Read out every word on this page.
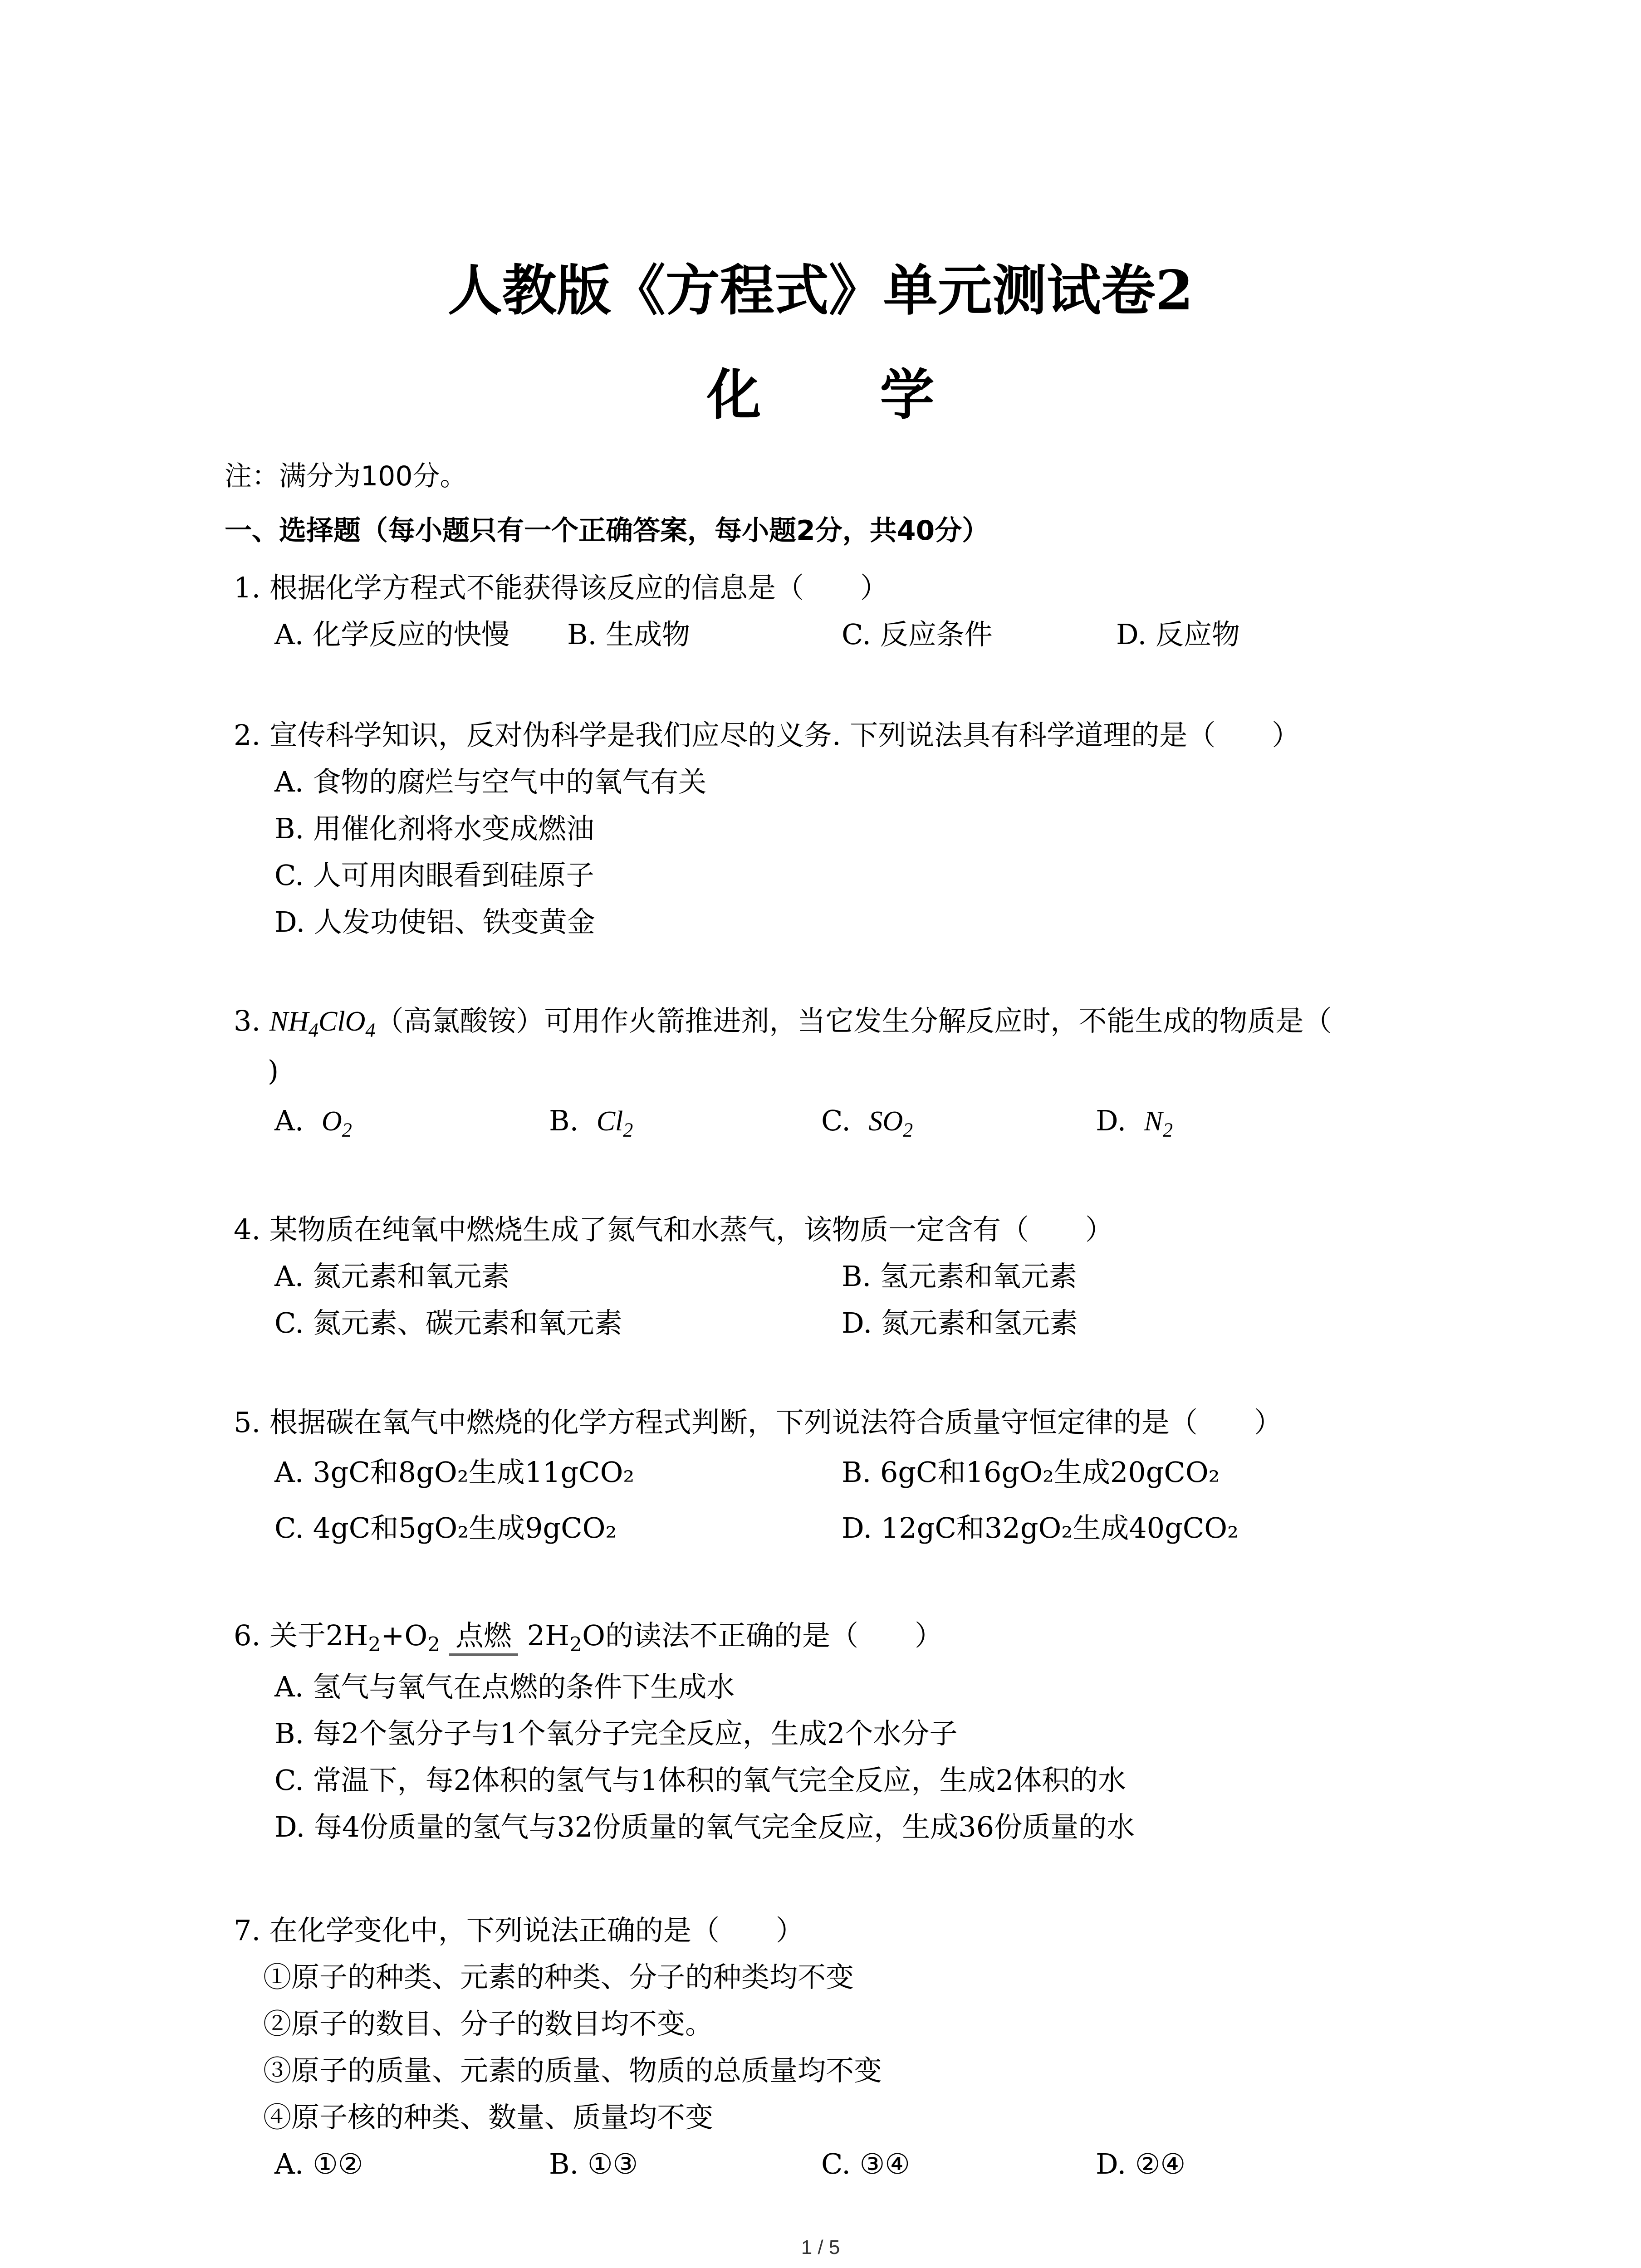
人教版《方程式》单元测试卷2
化 学
注：满分为100分。
一、选择题（每小题只有一个正确答案，每小题2分，共40分）
1. 根据化学方程式不能获得该反应的信息是（　　）
A. 化学反应的快慢 B. 生成物	C. 反应条件	D. 反应物
2. 宣传科学知识，反对伪科学是我们应尽的义务. 下列说法具有科学道理的是（　　）
A. 食物的腐烂与空气中的氧气有关
B. 用催化剂将水变成燃油
C. 人可用肉眼看到硅原子
D. 人发功使铝、铁变黄金
3. $NH_4ClO_4$（高氯酸铵）可用作火箭推进剂，当它发生分解反应时，不能生成的物质是（
)
A. $O_2$	B. $Cl_2$	C. $SO_2$	D. $N_2$
4. 某物质在纯氧中燃烧生成了氮气和水蒸气，该物质一定含有（　　）
A. 氮元素和氧元素	B. 氢元素和氧元素
C. 氮元素、碳元素和氧元素	D. 氮元素和氢元素
5. 根据碳在氧气中燃烧的化学方程式判断，下列说法符合质量守恒定律的是（　　）
A. 3gC和8gO₂生成11gCO₂	B. 6gC和16gO₂生成20gCO₂
C. 4gC和5gO₂生成9gCO₂	D. 12gC和32gO₂生成40gCO₂
6. 关于$2H_2+O_2$ 点燃 $2H_2O$的读法不正确的是（　　）
A. 氢气与氧气在点燃的条件下生成水
B. 每2个氢分子与1个氧分子完全反应，生成2个水分子
C. 常温下，每2体积的氢气与1体积的氧气完全反应，生成2体积的水
D. 每4份质量的氢气与32份质量的氧气完全反应，生成36份质量的水
7. 在化学变化中，下列说法正确的是（　　）
①原子的种类、元素的种类、分子的种类均不变
②原子的数目、分子的数目均不变。
③原子的质量、元素的质量、物质的总质量均不变
④原子核的种类、数量、质量均不变
A. ①②	B. ①③	C. ③④	D. ②④
1 / 5
